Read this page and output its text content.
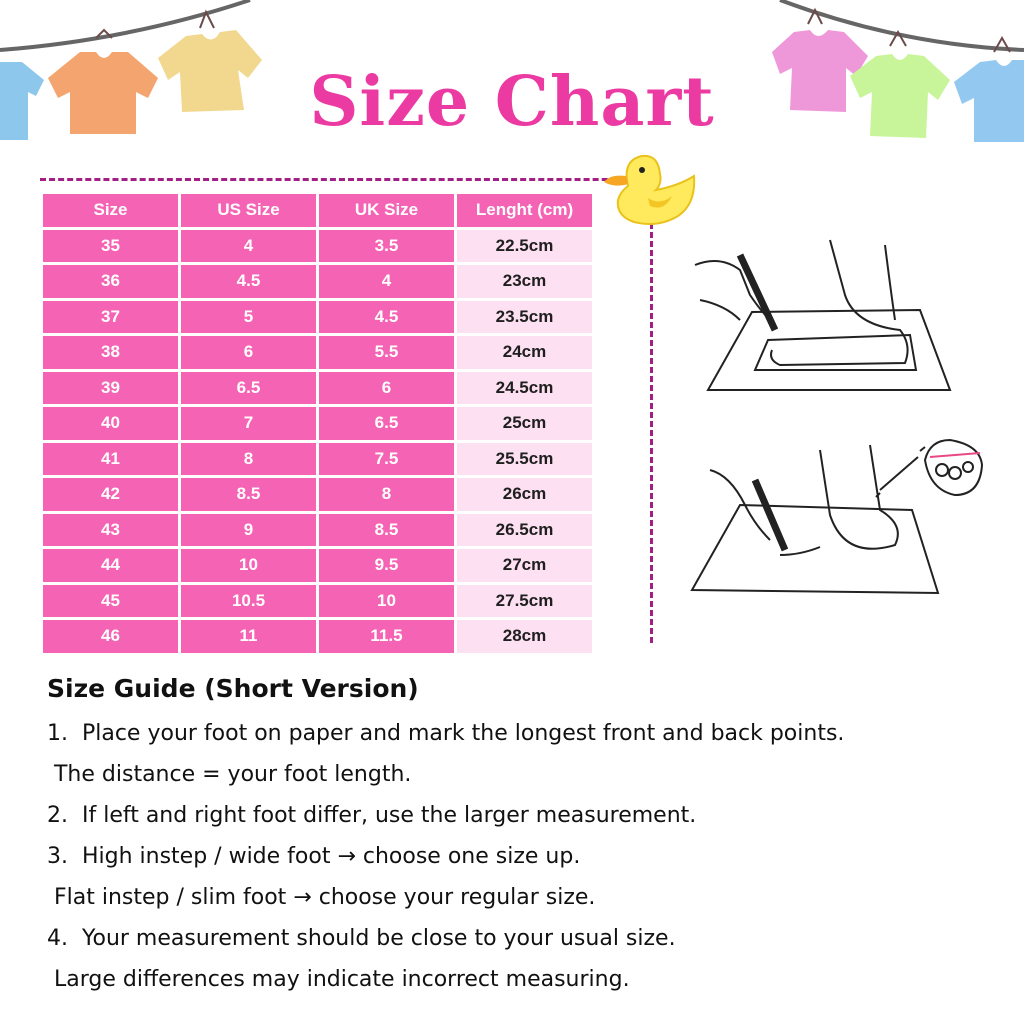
Size Chart
Size	US Size	UK Size	Lenght (cm)
35	4	3.5	22.5cm
36	4.5	4	23cm
37	5	4.5	23.5cm
38	6	5.5	24cm
39	6.5	6	24.5cm
40	7	6.5	25cm
41	8	7.5	25.5cm
42	8.5	8	26cm
43	9	8.5	26.5cm
44	10	9.5	27cm
45	10.5	10	27.5cm
46	11	11.5	28cm
Size Guide (Short Version)

1.  Place your foot on paper and mark the longest front and back points.

The distance = your foot length.

2.  If left and right foot differ, use the larger measurement.

3.  High instep / wide foot → choose one size up.

Flat instep / slim foot → choose your regular size.

4.  Your measurement should be close to your usual size.

Large differences may indicate incorrect measuring.
